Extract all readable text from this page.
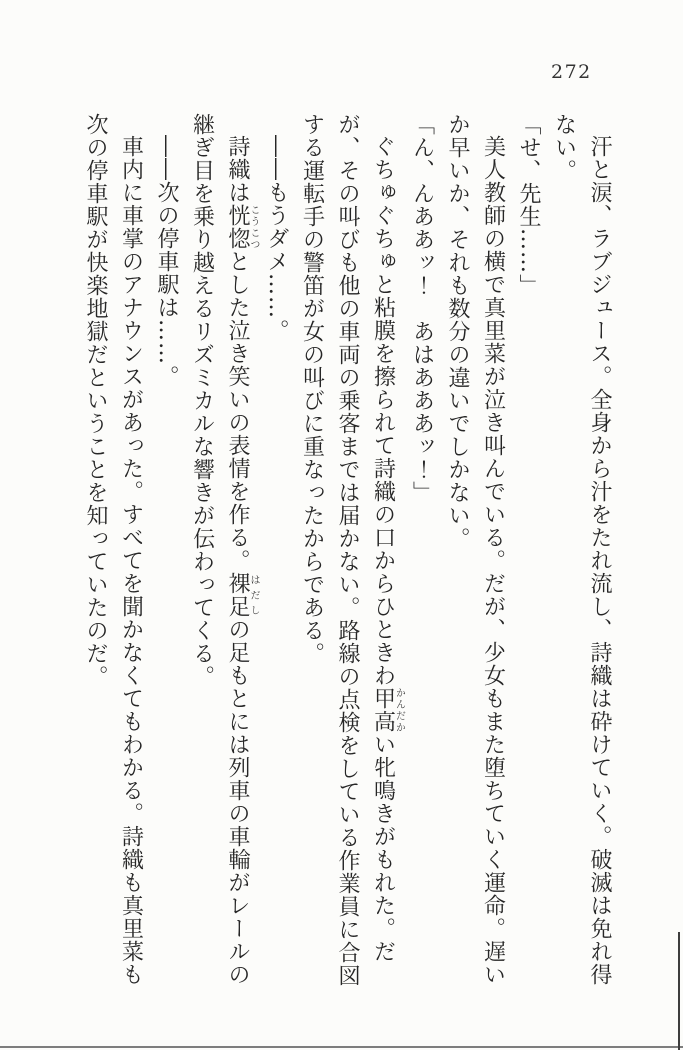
272

汗と涙、ラブジュース。全身から汁をたれ流し、詩織は砕けていく。破滅は免れ得ない。

「せ、先生……」

美人教師の横で真里菜が泣き叫んでいる。だが、少女もまた堕ちていく運命。遅いか早いか、それも数分の違いでしかない。

「ん、んああッ！　あはあああッ！」

ぐちゅぐちゅと粘膜を擦られて詩織の口からひときわ甲高かんだかい牝鳴きがもれた。だが、その叫びも他の車両の乗客までは届かない。路線の点検をしている作業員に合図する運転手の警笛が女の叫びに重なったからである。

――もうダメ……。

詩織は恍惚こうこつとした泣き笑いの表情を作る。裸足はだしの足もとには列車の車輪がレールの継ぎ目を乗り越えるリズミカルな響きが伝わってくる。

――次の停車駅は……。

車内に車掌のアナウンスがあった。すべてを聞かなくてもわかる。詩織も真里菜も次の停車駅が快楽地獄だということを知っていたのだ。
